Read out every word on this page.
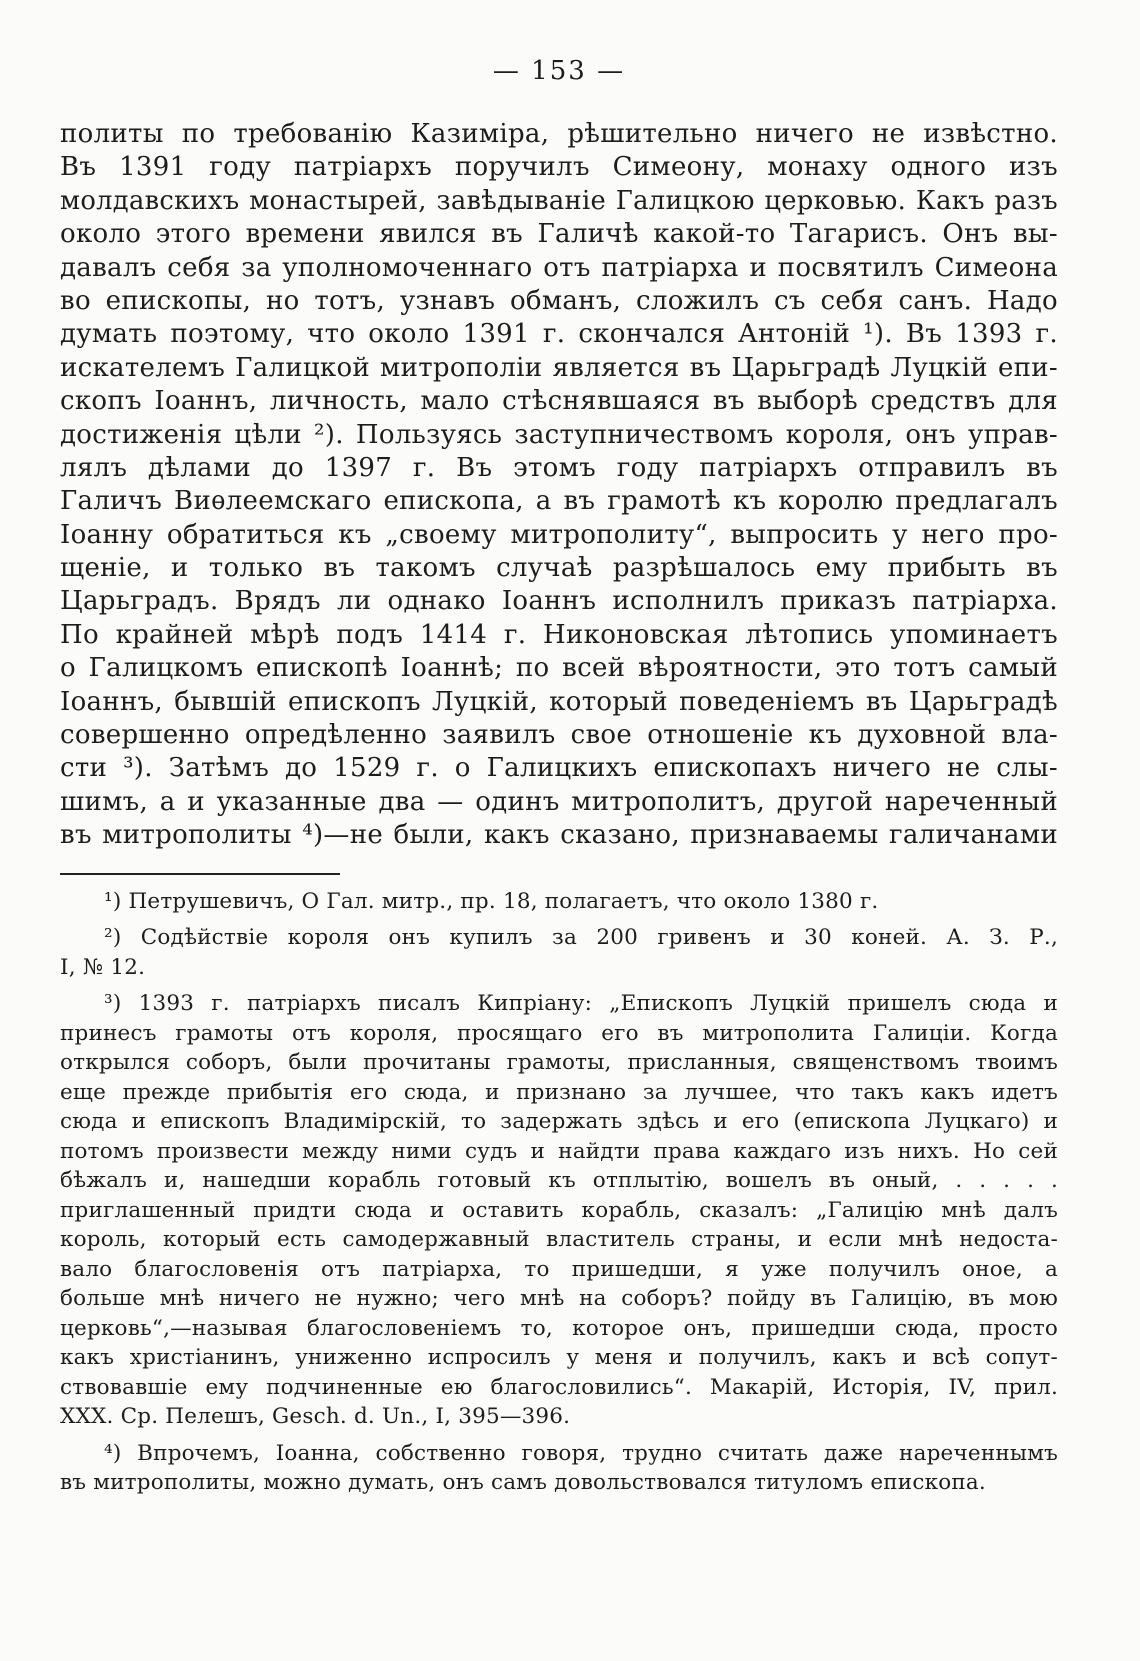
— 153 —
политы по требованію Казиміра, рѣшительно ничего не извѣстно.
Въ 1391 году патріархъ поручилъ Симеону, монаху одного изъ
молдавскихъ монастырей, завѣдываніе Галицкою церковью. Какъ разъ
около этого времени явился въ Галичѣ какой-то Тагарисъ. Онъ вы-
давалъ себя за уполномоченнаго отъ патріарха и посвятилъ Симеона
во епископы, но тотъ, узнавъ обманъ, сложилъ съ себя санъ. Надо
думать поэтому, что около 1391 г. скончался Антоній ¹). Въ 1393 г.
искателемъ Галицкой митрополіи является въ Царьградѣ Луцкій епи-
скопъ Іоаннъ, личность, мало стѣснявшаяся въ выборѣ средствъ для
достиженія цѣли ²). Пользуясь заступничествомъ короля, онъ управ-
лялъ дѣлами до 1397 г. Въ этомъ году патріархъ отправилъ въ
Галичъ Виѳлеемскаго епископа, а въ грамотѣ къ королю предлагалъ
Іоанну обратиться къ „своему митрополиту“, выпросить у него про-
щеніе, и только въ такомъ случаѣ разрѣшалось ему прибыть въ
Царьградъ. Врядъ ли однако Іоаннъ исполнилъ приказъ патріарха.
По крайней мѣрѣ подъ 1414 г. Никоновская лѣтопись упоминаетъ
о Галицкомъ епископѣ Іоаннѣ; по всей вѣроятности, это тотъ самый
Іоаннъ, бывшій епископъ Луцкій, который поведеніемъ въ Царьградѣ
совершенно опредѣленно заявилъ свое отношеніе къ духовной вла-
сти ³). Затѣмъ до 1529 г. о Галицкихъ епископахъ ничего не слы-
шимъ, а и указанные два — одинъ митрополитъ, другой нареченный
въ митрополиты ⁴)—не были, какъ сказано, признаваемы галичанами
¹) Петрушевичъ, О Гал. митр., пр. 18, полагаетъ, что около 1380 г.
²) Содѣйствіе короля онъ купилъ за 200 гривенъ и 30 коней. А. З. Р.,
I, № 12.
³) 1393 г. патріархъ писалъ Кипріану: „Епископъ Луцкій пришелъ сюда и
принесъ грамоты отъ короля, просящаго его въ митрополита Галиціи. Когда
открылся соборъ, были прочитаны грамоты, присланныя, священствомъ твоимъ
еще прежде прибытія его сюда, и признано за лучшее, что такъ какъ идетъ
сюда и епископъ Владимірскій, то задержать здѣсь и его (епископа Луцкаго) и
потомъ произвести между ними судъ и найдти права каждаго изъ нихъ. Но сей
бѣжалъ и, нашедши корабль готовый къ отплытію, вошелъ въ оный, . . . . .
приглашенный придти сюда и оставить корабль, сказалъ: „Галицію мнѣ далъ
король, который есть самодержавный властитель страны, и если мнѣ недоста-
вало благословенія отъ патріарха, то пришедши, я уже получилъ оное, а
больше мнѣ ничего не нужно; чего мнѣ на соборъ? пойду въ Галицію, въ мою
церковь“,—называя благословеніемъ то, которое онъ, пришедши сюда, просто
какъ христіанинъ, униженно испросилъ у меня и получилъ, какъ и всѣ сопут-
ствовавшіе ему подчиненные ею благословились“. Макарій, Исторія, IV, прил.
XXX. Ср. Пелешъ, Gesch. d. Un., I, 395—396.
⁴) Впрочемъ, Іоанна, собственно говоря, трудно считать даже нареченнымъ
въ митрополиты, можно думать, онъ самъ довольствовался титуломъ епископа.
